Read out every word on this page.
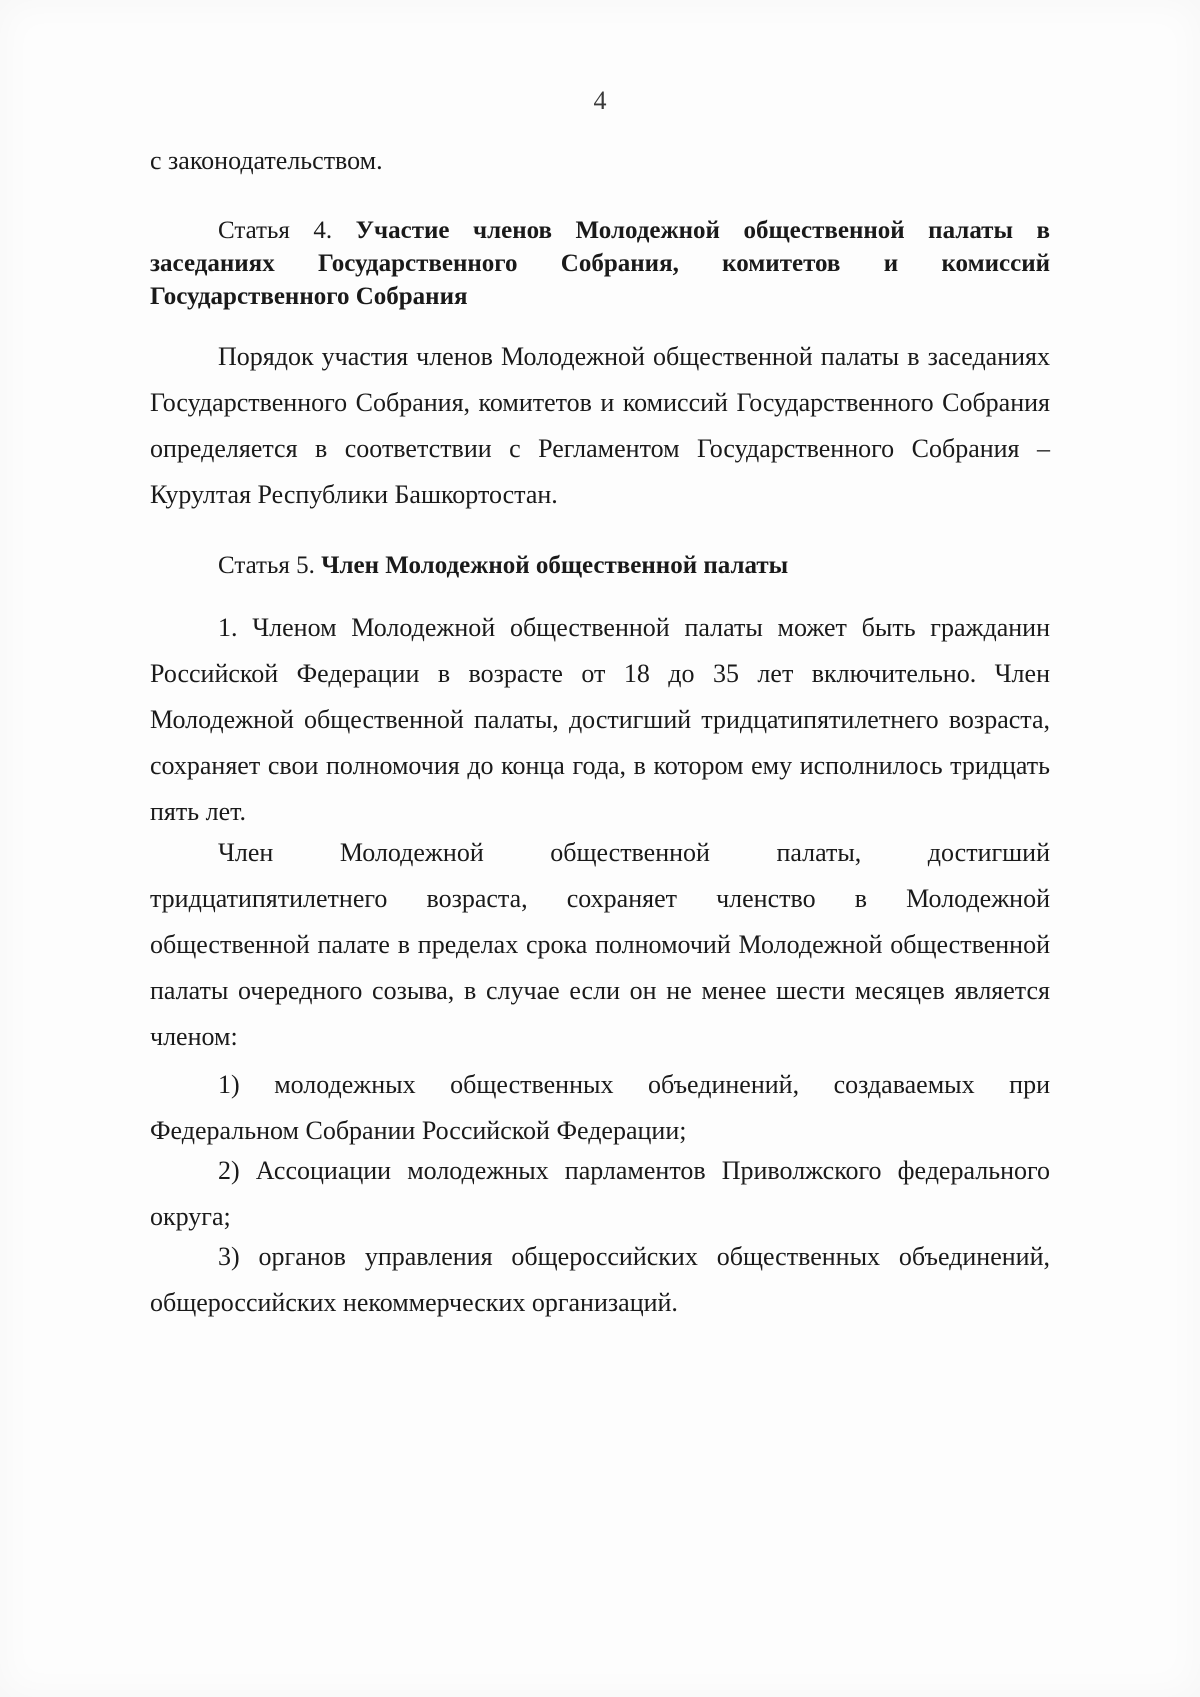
4

с законодательством.

Статья 4. Участие членов Молодежной общественной палаты в заседаниях Государственного Собрания, комитетов и комиссий Государственного Собрания

Порядок участия членов Молодежной общественной палаты в заседаниях Государственного Собрания, комитетов и комиссий Государственного Собрания определяется в соответствии с Регламентом Государственного Собрания – Курултая Республики Башкортостан.

Статья 5. Член Молодежной общественной палаты

1. Членом Молодежной общественной палаты может быть гражданин Российской Федерации в возрасте от 18 до 35 лет включительно. Член Молодежной общественной палаты, достигший тридцатипятилетнего возраста, сохраняет свои полномочия до конца года, в котором ему исполнилось тридцать пять лет.

Член Молодежной общественной палаты, достигший тридцатипятилетнего возраста, сохраняет членство в Молодежной общественной палате в пределах срока полномочий Молодежной общественной палаты очередного созыва, в случае если он не менее шести месяцев является членом:

1) молодежных общественных объединений, создаваемых при Федеральном Собрании Российской Федерации;

2) Ассоциации молодежных парламентов Приволжского федерального округа;

3) органов управления общероссийских общественных объединений, общероссийских некоммерческих организаций.
